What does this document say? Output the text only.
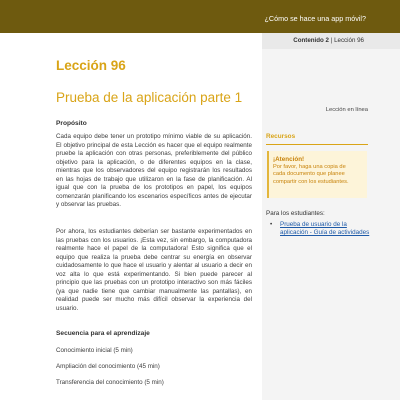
¿Cómo se hace una app móvil?
Contenido 2 | Lección 96
Lección 96
Prueba de la aplicación parte 1
Lección en línea
Propósito

Cada equipo debe tener un prototipo mínimo viable de su aplicación. El objetivo principal de esta Lección es hacer que el equipo realmente pruebe la aplicación con otras personas, preferiblemente del público objetivo para la aplicación, o de diferentes equipos en la clase, mientras que los observadores del equipo registrarán los resultados en las hojas de trabajo que utilizaron en la fase de planificación. Al igual que con la prueba de los prototipos en papel, los equipos comenzarán planificando los escenarios específicos antes de ejecutar y observar las pruebas.

Por ahora, los estudiantes deberían ser bastante experimentados en las pruebas con los usuarios. ¡Esta vez, sin embargo, la computadora realmente hace el papel de la computadora! Esto significa que el equipo que realiza la prueba debe centrar su energía en observar cuidadosamente lo que hace el usuario y alentar al usuario a decir en voz alta lo que está experimentando. Si bien puede parecer al principio que las pruebas con un prototipo interactivo son más fáciles (ya que nadie tiene que cambiar manualmente las pantallas), en realidad puede ser mucho más difícil observar la experiencia del usuario.

Secuencia para el aprendizaje
Conocimiento inicial (5 min)
Ampliación del conocimiento (45 min)
Transferencia del conocimiento (5 min)
Recursos
¡Atención!
Por favor, haga una copia de cada documento que planee compartir con los estudiantes.
Para los estudiantes:
• Prueba de usuario de la aplicación - Guía de actividades
